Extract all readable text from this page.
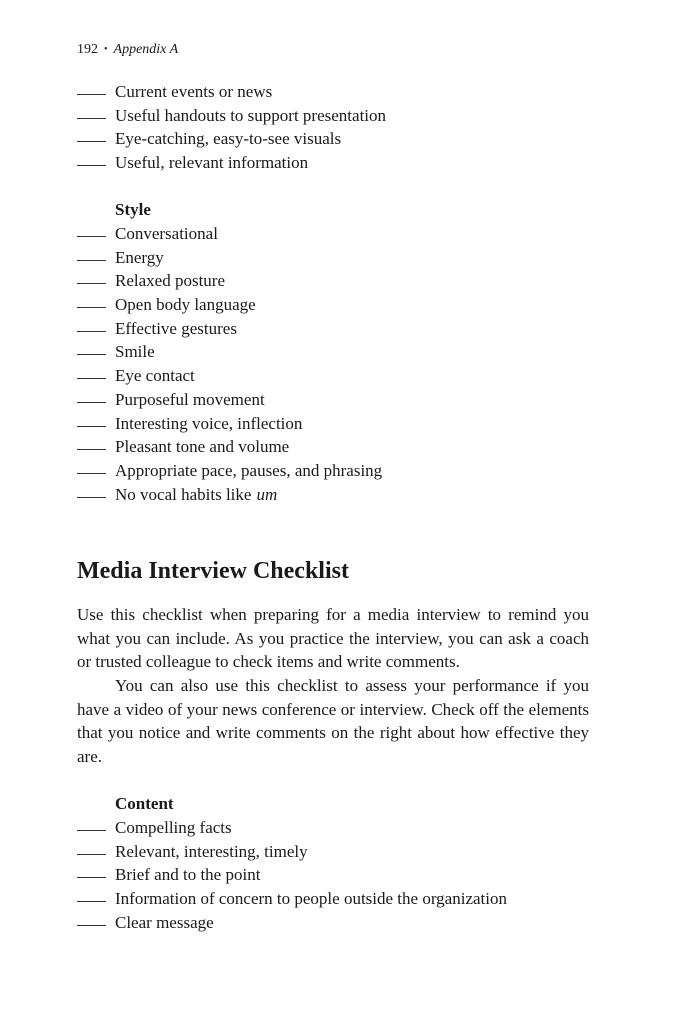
192 • Appendix A
Current events or news
Useful handouts to support presentation
Eye-catching, easy-to-see visuals
Useful, relevant information
Style
Conversational
Energy
Relaxed posture
Open body language
Effective gestures
Smile
Eye contact
Purposeful movement
Interesting voice, inflection
Pleasant tone and volume
Appropriate pace, pauses, and phrasing
No vocal habits like um
Media Interview Checklist

Use this checklist when preparing for a media interview to remind you what you can include. As you practice the interview, you can ask a coach or trusted colleague to check items and write comments.

You can also use this checklist to assess your performance if you have a video of your news conference or interview. Check off the elements that you notice and write comments on the right about how effective they are.

Content
Compelling facts
Relevant, interesting, timely
Brief and to the point
Information of concern to people outside the organization
Clear message
